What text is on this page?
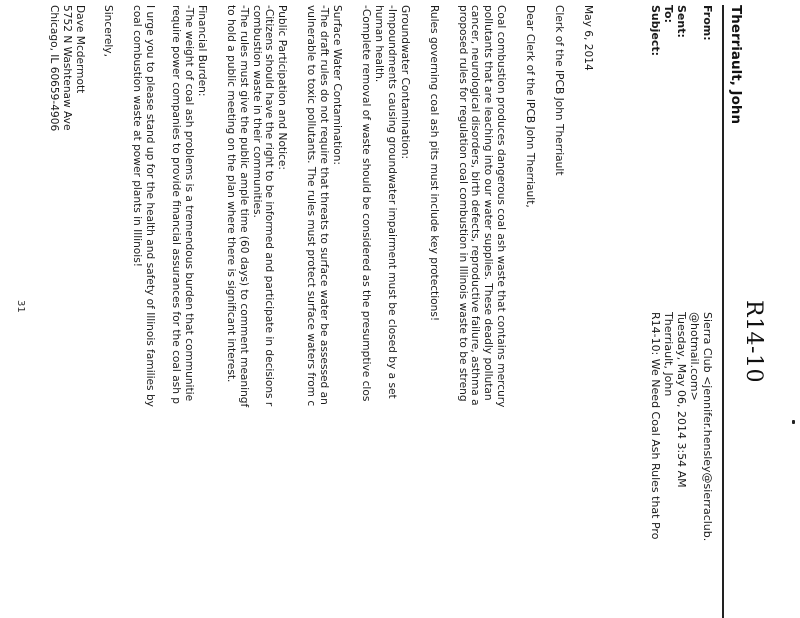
R14-10
Therriault, John
From:
Sierra Club <jennifer.hensley@sierraclub.
@hotmail.com>
Sent:
Tuesday, May 06, 2014 3:54 AM
To:
Therriault, John
Subject:
R14-10: We Need Coal Ash Rules that Pro

May 6, 2014

Clerk of the IPCB John Therriault

Dear Clerk of the IPCB John Therriault,

Coal combustion produces dangerous coal ash waste that contains mercury

pollutants that are leaching into our water supplies. These deadly pollutan

cancer, neurological disorders, birth defects, reproductive failure, asthma a

proposed rules for regulation coal combustion in Illinois waste to be streng

Rules governing coal ash pits must include key protections!

Groundwater Contamination:

-Impoundments causing groundwater impairment must be closed by a set

human health.

-Complete removal of waste should be considered as the presumptive clos

Surface Water Contamination:

-The draft rules do not require that threats to surface water be assessed an

vulnerable to toxic pollutants. The rules must protect surface waters from c

Public Participation and Notice:

-Citizens should have the right to be informed and participate in decisions r

combustion waste in their communities.

-The rules must give the public ample time (60 days) to comment meaningf

to hold a public meeting on the plan where there is significant interest.

Financial Burden:

-The weight of coal ash problems is a tremendous burden that communitie

require power companies to provide financial assurances for the coal ash p

I urge you to please stand up for the health and safety of Illinois families by

coal combustion waste at power plants in Illinois!

Sincerely,

Dave Mcdermott

5752 N Washtenaw Ave

Chicago, IL 60659-4906

31
